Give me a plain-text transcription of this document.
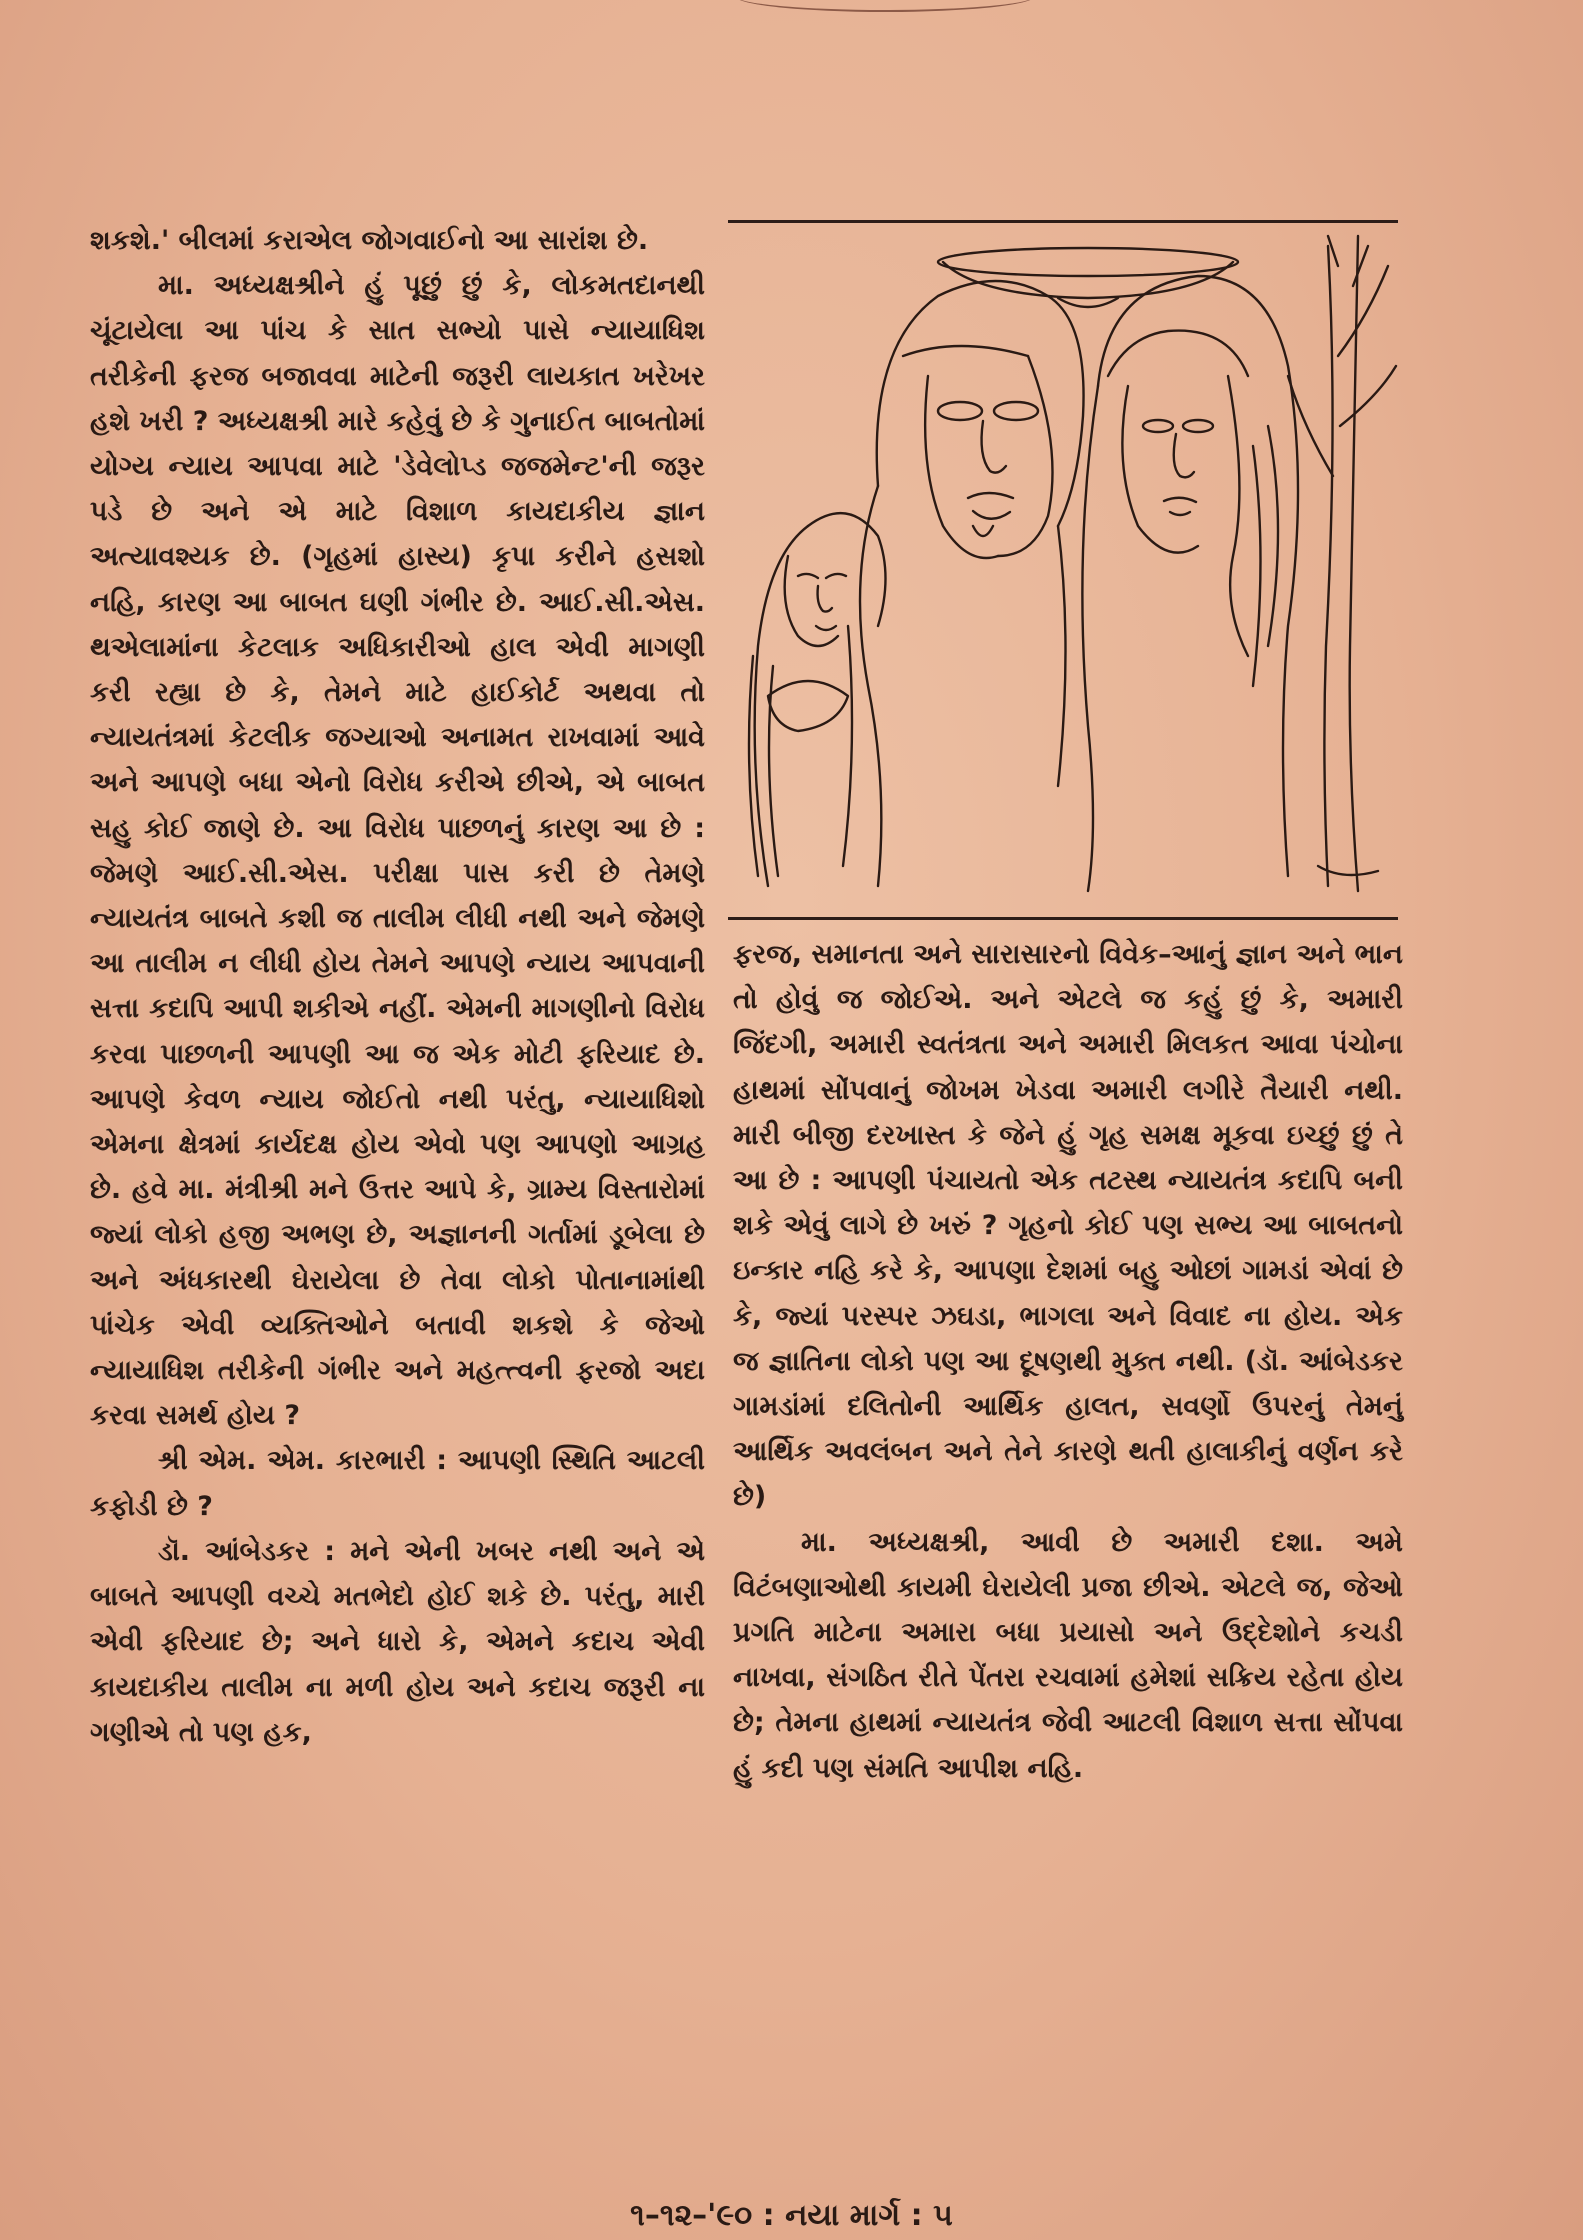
શકશે.' બીલમાં કરાએલ જોગવાઈનો આ સારાંશ છે.

મા. અધ્યક્ષશ્રીને હું પૂછું છું કે, લોકમતદાનથી ચૂંટાયેલા આ પાંચ કે સાત સભ્યો પાસે ન્યાયાધિશ તરીકેની ફરજ બજાવવા માટેની જરૂરી લાયકાત ખરેખર હશે ખરી ? અધ્યક્ષશ્રી મારે કહેવું છે કે ગુનાઈત બાબતોમાં યોગ્ય ન્યાય આપવા માટે 'ડેવેલોપ્ડ જજમેન્ટ'ની જરૂર પડે છે અને એ માટે વિશાળ કાયદાકીય જ્ઞાન અત્યાવશ્યક છે. (ગૃહમાં હાસ્ય) કૃપા કરીને હસશો નહિ, કારણ આ બાબત ઘણી ગંભીર છે. આઈ.સી.એસ. થએલામાંના કેટલાક અધિકારીઓ હાલ એવી માગણી કરી રહ્યા છે કે, તેમને માટે હાઈકોર્ટ અથવા તો ન્યાયતંત્રમાં કેટલીક જગ્યાઓ અનામત રાખવામાં આવે અને આપણે બધા એનો વિરોધ કરીએ છીએ, એ બાબત સહુ કોઈ જાણે છે. આ વિરોધ પાછળનું કારણ આ છે : જેમણે આઈ.સી.એસ. પરીક્ષા પાસ કરી છે તેમણે ન્યાયતંત્ર બાબતે કશી જ તાલીમ લીધી નથી અને જેમણે આ તાલીમ ન લીધી હોય તેમને આપણે ન્યાય આપવાની સત્તા કદાપિ આપી શકીએ નહીં. એમની માગણીનો વિરોધ કરવા પાછળની આપણી આ જ એક મોટી ફરિયાદ છે. આપણે કેવળ ન્યાય જોઈતો નથી પરંતુ, ન્યાયાધિશો એમના ક્ષેત્રમાં કાર્યદક્ષ હોય એવો પણ આપણો આગ્રહ છે. હવે મા. મંત્રીશ્રી મને ઉત્તર આપે કે, ગ્રામ્ય વિસ્તારોમાં જ્યાં લોકો હજી અભણ છે, અજ્ઞાનની ગર્તામાં ડૂબેલા છે અને અંધકારથી ઘેરાયેલા છે તેવા લોકો પોતાનામાંથી પાંચેક એવી વ્યક્તિઓને બતાવી શકશે કે જેઓ ન્યાયાધિશ તરીકેની ગંભીર અને મહત્ત્વની ફરજો અદા કરવા સમર્થ હોય ?

શ્રી એમ. એમ. કારભારી : આપણી સ્થિતિ આટલી કફોડી છે ?

ડૉ. આંબેડકર : મને એની ખબર નથી અને એ બાબતે આપણી વચ્ચે મતભેદો હોઈ શકે છે. પરંતુ, મારી એવી ફરિયાદ છે; અને ધારો કે, એમને કદાચ એવી કાયદાકીય તાલીમ ના મળી હોય અને કદાચ જરૂરી ના ગણીએ તો પણ હક,

ફરજ, સમાનતા અને સારાસારનો વિવેક–આનું જ્ઞાન અને ભાન તો હોવું જ જોઈએ. અને એટલે જ કહું છું કે, અમારી જિંદગી, અમારી સ્વતંત્રતા અને અમારી મિલકત આવા પંચોના હાથમાં સોંપવાનું જોખમ ખેડવા અમારી લગીરે તૈયારી નથી. મારી બીજી દરખાસ્ત કે જેને હું ગૃહ સમક્ષ મૂકવા ઇચ્છું છું તે આ છે : આપણી પંચાયતો એક તટસ્થ ન્યાયતંત્ર કદાપિ બની શકે એવું લાગે છે ખરું ? ગૃહનો કોઈ પણ સભ્ય આ બાબતનો ઇન્કાર નહિ કરે કે, આપણા દેશમાં બહુ ઓછાં ગામડાં એવાં છે કે, જ્યાં પરસ્પર ઝઘડા, ભાગલા અને વિવાદ ના હોય. એક જ જ્ઞાતિના લોકો પણ આ દૂષણથી મુક્ત નથી. (ડૉ. આંબેડકર ગામડાંમાં દલિતોની આર્થિક હાલત, સવર્ણો ઉપરનું તેમનું આર્થિક અવલંબન અને તેને કારણે થતી હાલાકીનું વર્ણન કરે છે)

મા. અધ્યક્ષશ્રી, આવી છે અમારી દશા. અમે વિટંબણાઓથી કાયમી ઘેરાયેલી પ્રજા છીએ. એટલે જ, જેઓ પ્રગતિ માટેના અમારા બધા પ્રયાસો અને ઉદ્દેશોને કચડી નાખવા, સંગઠિત રીતે પેંતરા રચવામાં હમેશાં સક્રિય રહેતા હોય છે; તેમના હાથમાં ન્યાયતંત્ર જેવી આટલી વિશાળ સત્તા સોંપવા હું કદી પણ સંમતિ આપીશ નહિ.

૧–૧૨–'૯૦ : નયા માર્ગ : ૫
